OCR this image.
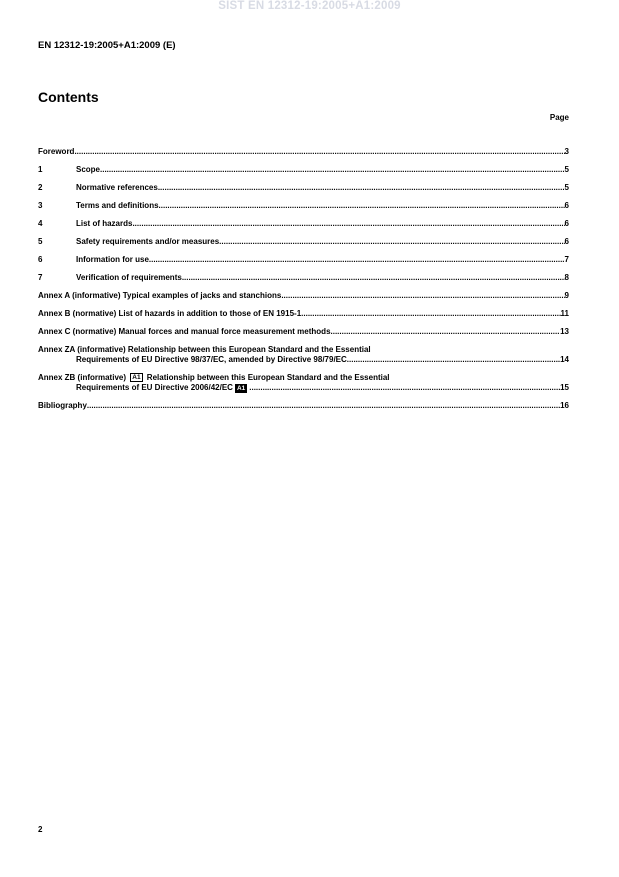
SIST EN 12312-19:2005+A1:2009
EN 12312-19:2005+A1:2009 (E)
Contents
Page
Foreword .....	3
1	Scope .....	5
2	Normative references .....	5
3	Terms and definitions .....	6
4	List of hazards .....	6
5	Safety requirements and/or measures .....	6
6	Information for use .....	7
7	Verification of requirements .....	8
Annex A (informative) Typical examples of jacks and stanchions .....	9
Annex B (normative) List of hazards in addition to those of EN 1915-1 .....	11
Annex C (normative) Manual forces and manual force measurement methods .....	13
Annex ZA (informative) Relationship between this European Standard and the Essential
Requirements of EU Directive 98/37/EC, amended by Directive 98/79/EC .....	14
Annex ZB (informative) A1 Relationship between this European Standard and the Essential
Requirements of EU Directive 2006/42/EC A1 .....	15
Bibliography .....	16
2
